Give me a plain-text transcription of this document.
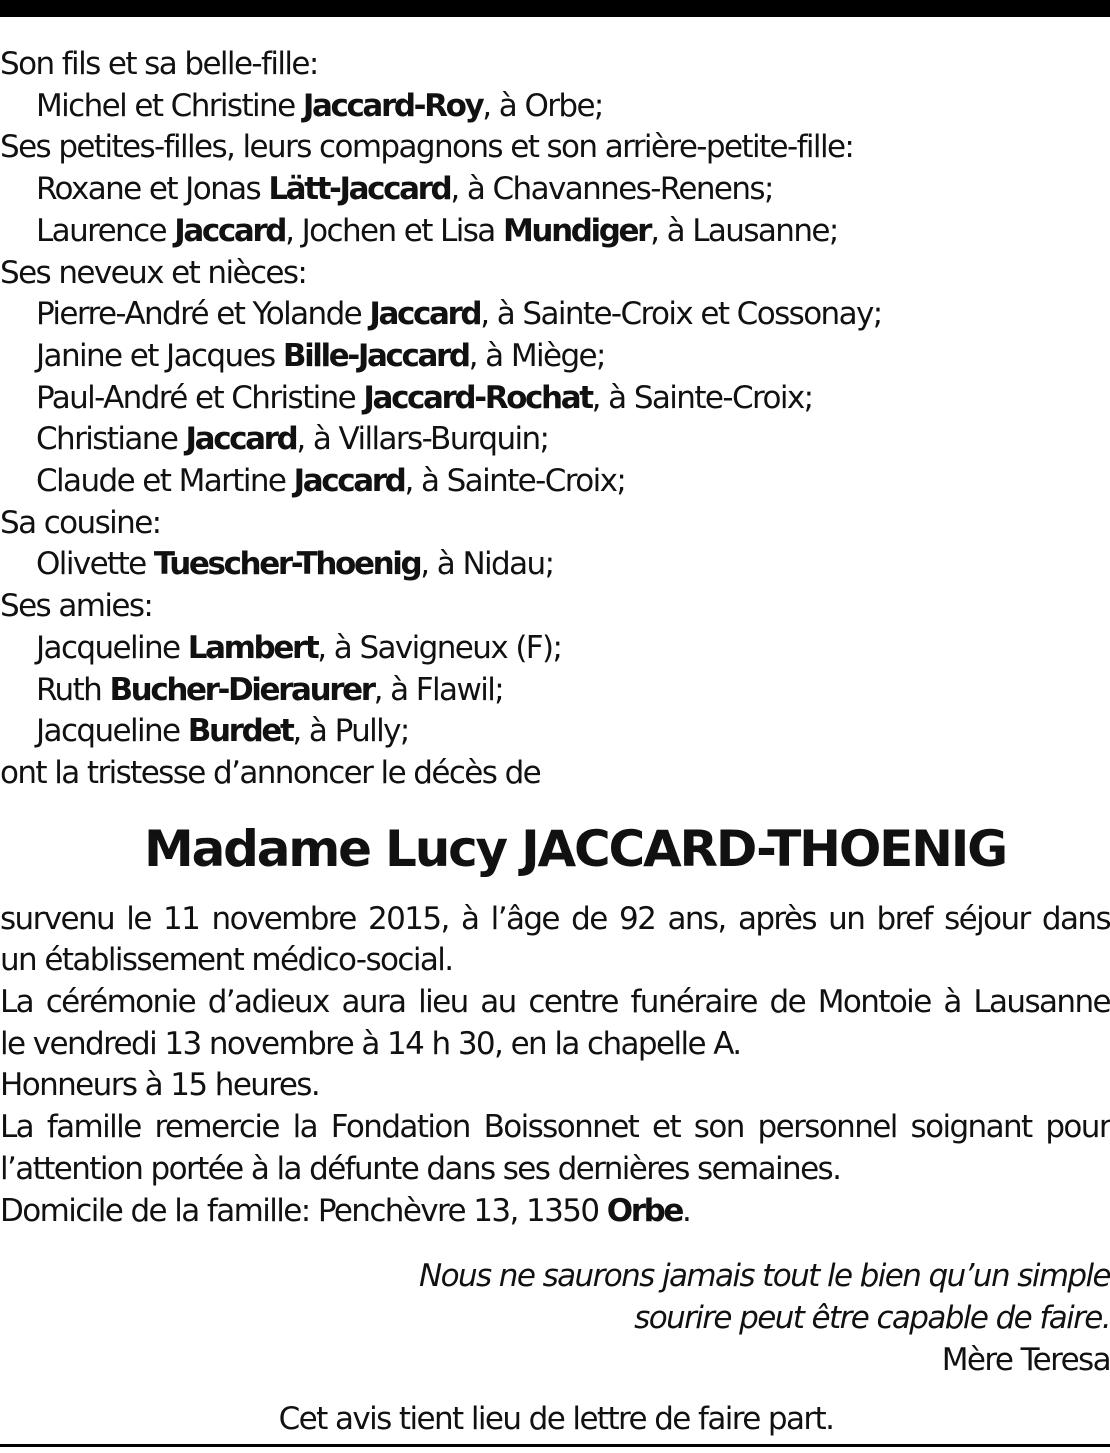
Son fils et sa belle-fille:
Michel et Christine Jaccard-Roy, à Orbe;
Ses petites-filles, leurs compagnons et son arrière-petite-fille:
Roxane et Jonas Lätt-Jaccard, à Chavannes-Renens;
Laurence Jaccard, Jochen et Lisa Mundiger, à Lausanne;
Ses neveux et nièces:
Pierre-André et Yolande Jaccard, à Sainte-Croix et Cossonay;
Janine et Jacques Bille-Jaccard, à Miège;
Paul-André et Christine Jaccard-Rochat, à Sainte-Croix;
Christiane Jaccard, à Villars-Burquin;
Claude et Martine Jaccard, à Sainte-Croix;
Sa cousine:
Olivette Tuescher-Thoenig, à Nidau;
Ses amies:
Jacqueline Lambert, à Savigneux (F);
Ruth Bucher-Dieraurer, à Flawil;
Jacqueline Burdet, à Pully;
ont la tristesse d’annoncer le décès de
Madame Lucy JACCARD-THOENIG
survenu le 11 novembre 2015, à l’âge de 92 ans, après un bref séjour dans
un établissement médico-social.
La cérémonie d’adieux aura lieu au centre funéraire de Montoie à Lausanne
le vendredi 13 novembre à 14 h 30, en la chapelle A.
Honneurs à 15 heures.
La famille remercie la Fondation Boissonnet et son personnel soignant pour
l’attention portée à la défunte dans ses dernières semaines.
Domicile de la famille: Penchèvre 13, 1350 Orbe.
Nous ne saurons jamais tout le bien qu’un simple
sourire peut être capable de faire.
Mère Teresa
Cet avis tient lieu de lettre de faire part.
